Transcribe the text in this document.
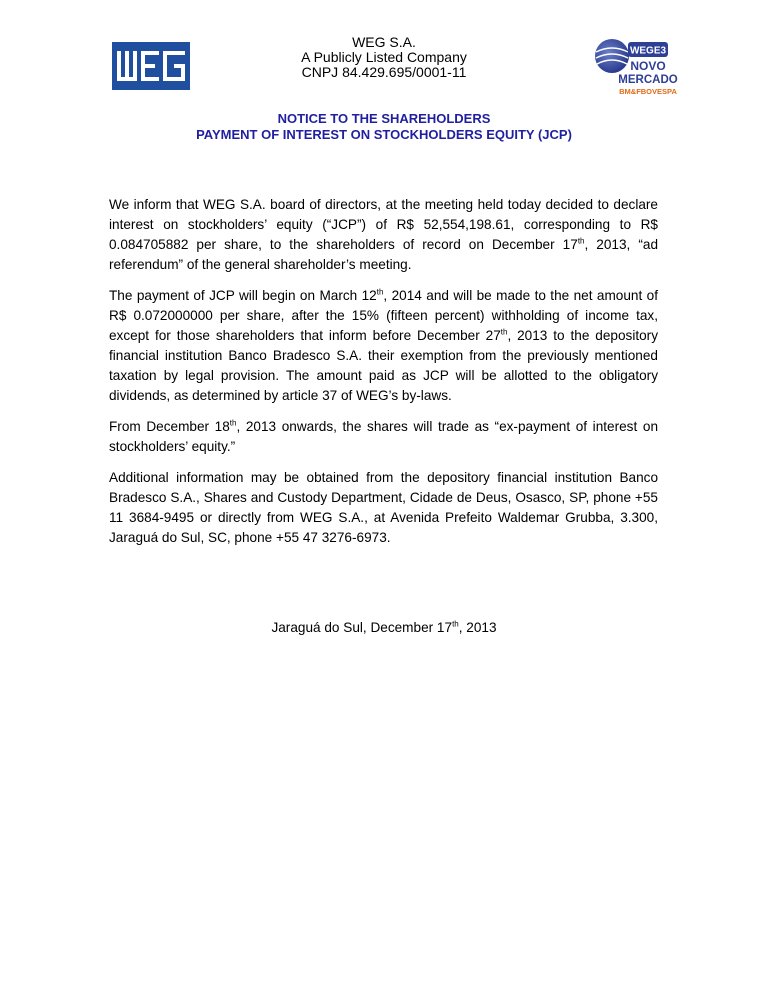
WEG
WEG S.A.
A Publicly Listed Company
CNPJ 84.429.695/0001-11
WEGE3
NOVO
MERCADO
BM&FBOVESPA
NOTICE TO THE SHAREHOLDERS
PAYMENT OF INTEREST ON STOCKHOLDERS EQUITY (JCP)

We inform that WEG S.A. board of directors, at the meeting held today decided to declare interest on stockholders’ equity (“JCP”) of R$ 52,554,198.61, corresponding to R$ 0.084705882 per share, to the shareholders of record on December 17th, 2013, “ad referendum” of the general shareholder’s meeting.

The payment of JCP will begin on March 12th, 2014 and will be made to the net amount of R$ 0.072000000 per share, after the 15% (fifteen percent) withholding of income tax, except for those shareholders that inform before December 27th, 2013 to the depository financial institution Banco Bradesco S.A. their exemption from the previously mentioned taxation by legal provision. The amount paid as JCP will be allotted to the obligatory dividends, as determined by article 37 of WEG’s by-laws.

From December 18th, 2013 onwards, the shares will trade as “ex-payment of interest on stockholders’ equity.”

Additional information may be obtained from the depository financial institution Banco Bradesco S.A., Shares and Custody Department, Cidade de Deus, Osasco, SP, phone +55 11 3684-9495 or directly from WEG S.A., at Avenida Prefeito Waldemar Grubba, 3.300, Jaraguá do Sul, SC, phone +55 47 3276-6973.

Jaraguá do Sul, December 17th, 2013
